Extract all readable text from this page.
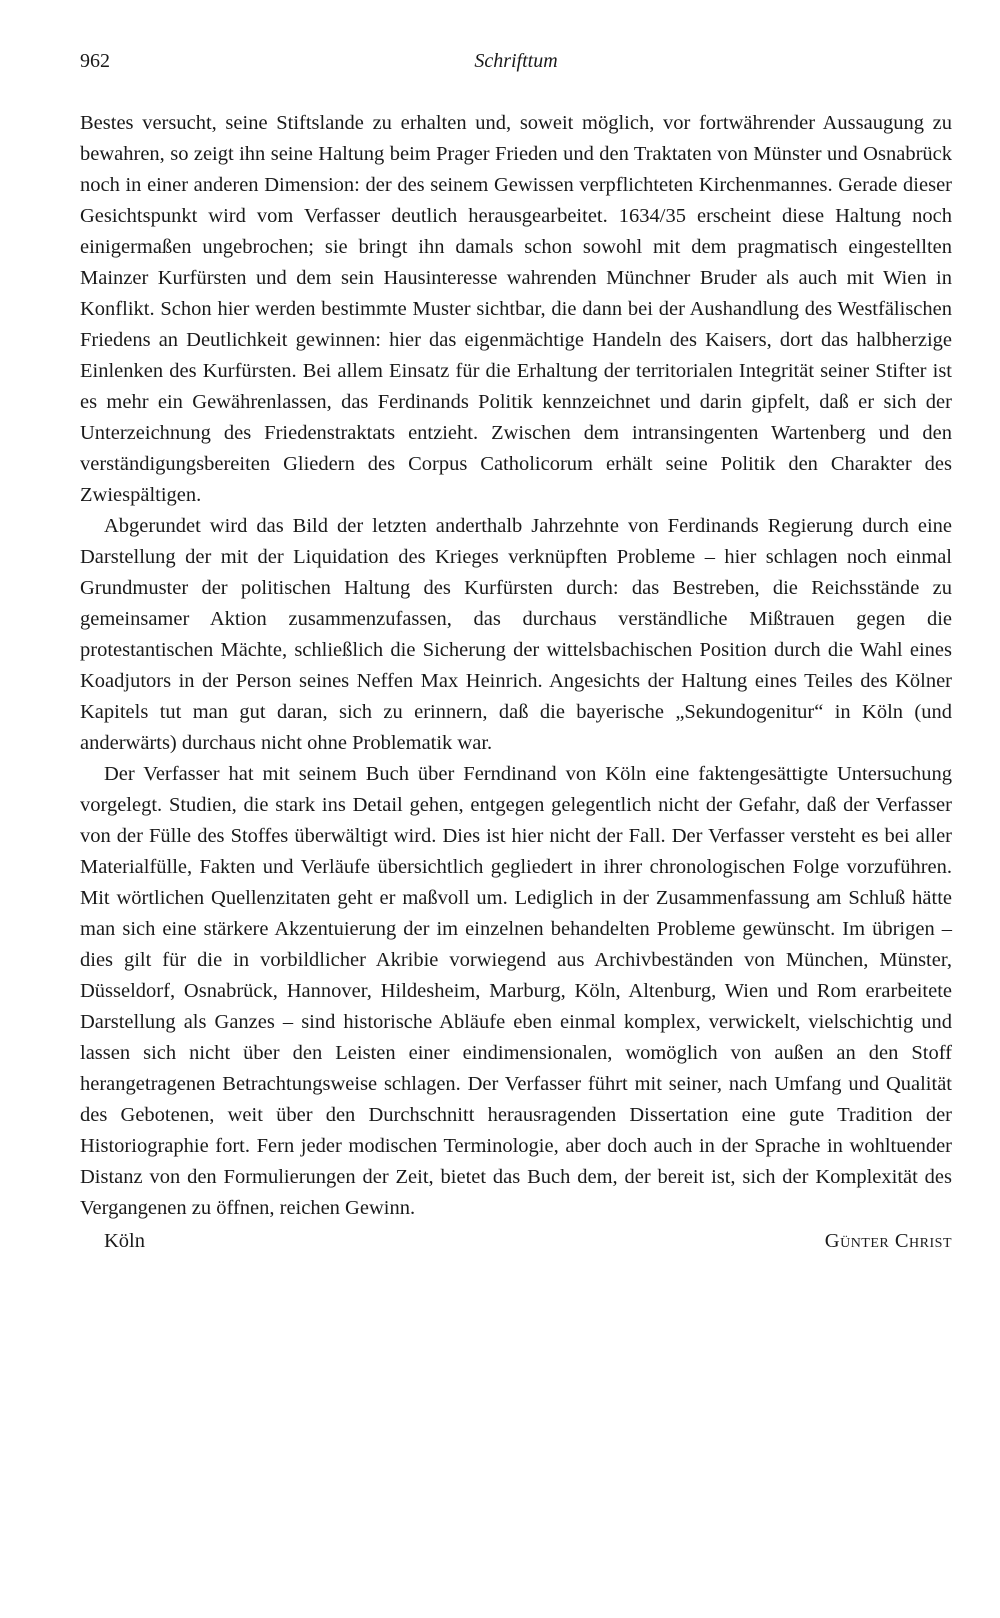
962	Schrifttum

Bestes versucht, seine Stiftslande zu erhalten und, soweit möglich, vor fortwährender Aussaugung zu bewahren, so zeigt ihn seine Haltung beim Prager Frieden und den Traktaten von Münster und Osnabrück noch in einer anderen Dimension: der des seinem Gewissen verpflichteten Kirchenmannes. Gerade dieser Gesichtspunkt wird vom Verfasser deutlich herausgearbeitet. 1634/35 erscheint diese Haltung noch einigermaßen ungebrochen; sie bringt ihn damals schon sowohl mit dem pragmatisch eingestellten Mainzer Kurfürsten und dem sein Hausinteresse wahrenden Münchner Bruder als auch mit Wien in Konflikt. Schon hier werden bestimmte Muster sichtbar, die dann bei der Aushandlung des Westfälischen Friedens an Deutlichkeit gewinnen: hier das eigenmächtige Handeln des Kaisers, dort das halbherzige Einlenken des Kurfürsten. Bei allem Einsatz für die Erhaltung der territorialen Integrität seiner Stifter ist es mehr ein Gewährenlassen, das Ferdinands Politik kennzeichnet und darin gipfelt, daß er sich der Unterzeichnung des Friedenstraktats entzieht. Zwischen dem intransingenten Wartenberg und den verständigungsbereiten Gliedern des Corpus Catholicorum erhält seine Politik den Charakter des Zwiespältigen.

Abgerundet wird das Bild der letzten anderthalb Jahrzehnte von Ferdinands Regierung durch eine Darstellung der mit der Liquidation des Krieges verknüpften Probleme – hier schlagen noch einmal Grundmuster der politischen Haltung des Kurfürsten durch: das Bestreben, die Reichsstände zu gemeinsamer Aktion zusammenzufassen, das durchaus verständliche Mißtrauen gegen die protestantischen Mächte, schließlich die Sicherung der wittelsbachischen Position durch die Wahl eines Koadjutors in der Person seines Neffen Max Heinrich. Angesichts der Haltung eines Teiles des Kölner Kapitels tut man gut daran, sich zu erinnern, daß die bayerische „Sekundogenitur“ in Köln (und anderwärts) durchaus nicht ohne Problematik war.

Der Verfasser hat mit seinem Buch über Ferndinand von Köln eine faktengesättigte Untersuchung vorgelegt. Studien, die stark ins Detail gehen, entgegen gelegentlich nicht der Gefahr, daß der Verfasser von der Fülle des Stoffes überwältigt wird. Dies ist hier nicht der Fall. Der Verfasser versteht es bei aller Materialfülle, Fakten und Verläufe übersichtlich gegliedert in ihrer chronologischen Folge vorzuführen. Mit wörtlichen Quellenzitaten geht er maßvoll um. Lediglich in der Zusammenfassung am Schluß hätte man sich eine stärkere Akzentuierung der im einzelnen behandelten Probleme gewünscht. Im übrigen – dies gilt für die in vorbildlicher Akribie vorwiegend aus Archivbeständen von München, Münster, Düsseldorf, Osnabrück, Hannover, Hildesheim, Marburg, Köln, Altenburg, Wien und Rom erarbeitete Darstellung als Ganzes – sind historische Abläufe eben einmal komplex, verwickelt, vielschichtig und lassen sich nicht über den Leisten einer eindimensionalen, womöglich von außen an den Stoff herangetragenen Betrachtungsweise schlagen. Der Verfasser führt mit seiner, nach Umfang und Qualität des Gebotenen, weit über den Durchschnitt herausragenden Dissertation eine gute Tradition der Historiographie fort. Fern jeder modischen Terminologie, aber doch auch in der Sprache in wohltuender Distanz von den Formulierungen der Zeit, bietet das Buch dem, der bereit ist, sich der Komplexität des Vergangenen zu öffnen, reichen Gewinn.

Köln	Günter Christ
